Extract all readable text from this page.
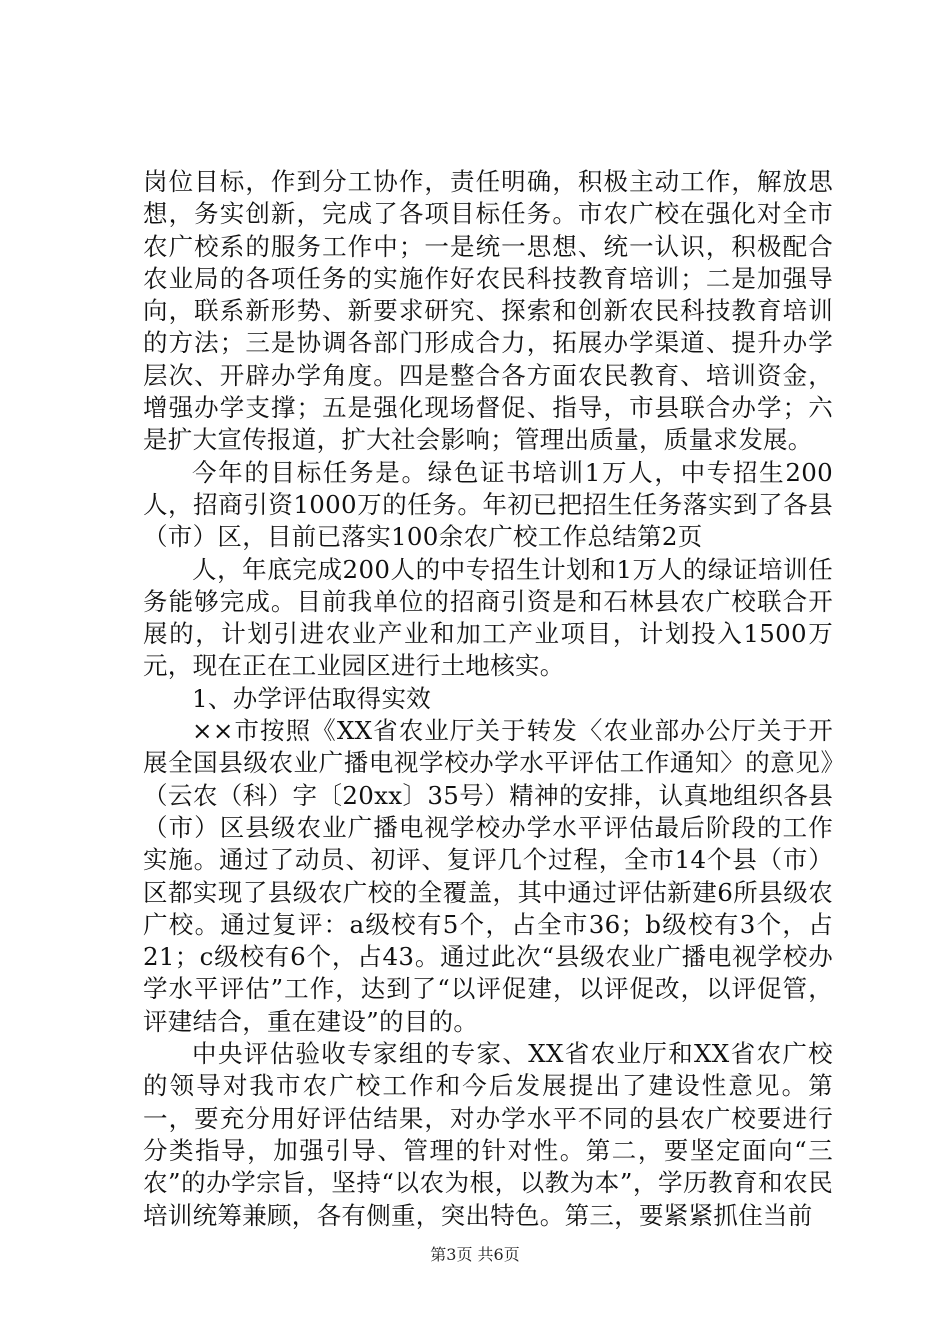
岗位目标，作到分工协作，责任明确，积极主动工作，解放思想，务实创新，完成了各项目标任务。市农广校在强化对全市农广校系的服务工作中；一是统一思想、统一认识，积极配合农业局的各项任务的实施作好农民科技教育培训；二是加强导向，联系新形势、新要求研究、探索和创新农民科技教育培训的方法；三是协调各部门形成合力，拓展办学渠道、提升办学层次、开辟办学角度。四是整合各方面农民教育、培训资金，增强办学支撑；五是强化现场督促、指导，市县联合办学；六是扩大宣传报道，扩大社会影响；管理出质量，质量求发展。

今年的目标任务是。绿色证书培训1万人，中专招生200人，招商引资1000万的任务。年初已把招生任务落实到了各县（市）区，目前已落实100余农广校工作总结第2页

人，年底完成200人的中专招生计划和1万人的绿证培训任务能够完成。目前我单位的招商引资是和石林县农广校联合开展的，计划引进农业产业和加工产业项目，计划投入1500万元，现在正在工业园区进行土地核实。

1、办学评估取得实效

××市按照《XX省农业厅关于转发〈农业部办公厅关于开展全国县级农业广播电视学校办学水平评估工作通知〉的意见》（云农（科）字〔20xx〕35号）精神的安排，认真地组织各县（市）区县级农业广播电视学校办学水平评估最后阶段的工作实施。通过了动员、初评、复评几个过程，全市14个县（市）区都实现了县级农广校的全覆盖，其中通过评估新建6所县级农广校。通过复评：a级校有5个，占全市36；b级校有3个，占21；c级校有6个，占43。通过此次“县级农业广播电视学校办学水平评估”工作，达到了“以评促建，以评促改，以评促管，评建结合，重在建设”的目的。

中央评估验收专家组的专家、XX省农业厅和XX省农广校的领导对我市农广校工作和今后发展提出了建设性意见。第一，要充分用好评估结果，对办学水平不同的县农广校要进行分类指导，加强引导、管理的针对性。第二，要坚定面向“三农”的办学宗旨，坚持“以农为根，以教为本”，学历教育和农民培训统筹兼顾，各有侧重，突出特色。第三，要紧紧抓住当前

第3页 共6页
